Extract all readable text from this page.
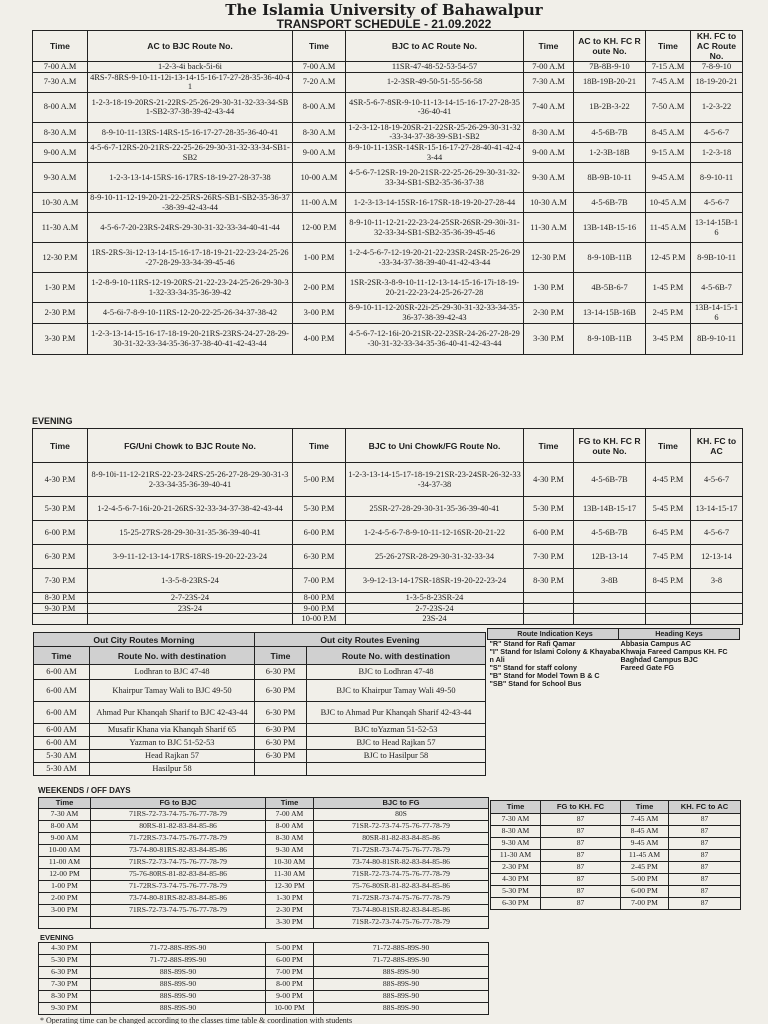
The Islamia University of Bahawalpur
TRANSPORT SCHEDULE - 21.09.2022
Time	AC to BJC Route No.	Time	BJC to AC Route No.	Time	AC to KH. FC Route No.	Time	KH. FC to AC Route No.
7-00 A.M	1-2-3-4i back-5i-6i	7-00 A.M	11SR-47-48-52-53-54-57	7-00 A.M	7B-8B-9-10	7-15 A.M	7-8-9-10
7-30 A.M	4RS-7-8RS-9-10-11-12i-13-14-15-16-17-27-28-35-36-40-41	7-20 A.M	1-2-3SR-49-50-51-55-56-58	7-30 A.M	18B-19B-20-21	7-45 A.M	18-19-20-21
8-00 A.M	1-2-3-18-19-20RS-21-22RS-25-26-29-30-31-32-33-34-SB1-SB2-37-38-39-42-43-44	8-00 A.M	4SR-5-6-7-8SR-9-10-11-13-14-15-16-17-27-28-35-36-40-41	7-40 A.M	1B-2B-3-22	7-50 A.M	1-2-3-22
8-30 A.M	8-9-10-11-13RS-14RS-15-16-17-27-28-35-36-40-41	8-30 A.M	1-2-3-12-18-19-20SR-21-22SR-25-26-29-30-31-32-33-34-37-38-39-SB1-SB2	8-30 A.M	4-5-6B-7B	8-45 A.M	4-5-6-7
9-00 A.M	4-5-6-7-12RS-20-21RS-22-25-26-29-30-31-32-33-34-SB1-SB2	9-00 A.M	8-9-10-11-13SR-14SR-15-16-17-27-28-40-41-42-43-44	9-00 A.M	1-2-3B-18B	9-15 A.M	1-2-3-18
9-30 A.M	1-2-3-13-14-15RS-16-17RS-18-19-27-28-37-38	10-00 A.M	4-5-6-7-12SR-19-20-21SR-22-25-26-29-30-31-32-33-34-SB1-SB2-35-36-37-38	9-30 A.M	8B-9B-10-11	9-45 A.M	8-9-10-11
10-30 A.M	8-9-10-11-12-19-20-21-22-25RS-26RS-SB1-SB2-35-36-37-38-39-42-43-44	11-00 A.M	1-2-3-13-14-15SR-16-17SR-18-19-20-27-28-44	10-30 A.M	4-5-6B-7B	10-45 A.M	4-5-6-7
11-30 A.M	4-5-6-7-20-23RS-24RS-29-30-31-32-33-34-40-41-44	12-00 P.M	8-9-10-11-12-21-22-23-24-25SR-26SR-29-30i-31-32-33-34-SB1-SB2-35-36-39-45-46	11-30 A.M	13B-14B-15-16	11-45 A.M	13-14-15B-16
12-30 P.M	1RS-2RS-3i-12-13-14-15-16-17-18-19-21-22-23-24-25-26-27-28-29-33-34-39-45-46	1-00 P.M	1-2-4-5-6-7-12-19-20-21-22-23SR-24SR-25-26-29-33-34-37-38-39-40-41-42-43-44	12-30 P.M	8-9-10B-11B	12-45 P.M	8-9B-10-11
1-30 P.M	1-2-8-9-10-11RS-12-19-20RS-21-22-23-24-25-26-29-30-31-32-33-34-35-36-39-42	2-00 P.M	1SR-2SR-3-8-9-10-11-12-13-14-15-16-17i-18-19-20-21-22-23-24-25-26-27-28	1-30 P.M	4B-5B-6-7	1-45 P.M	4-5-6B-7
2-30 P.M	4-5-6i-7-8-9-10-11RS-12-20-22-25-26-34-37-38-42	3-00 P.M	8-9-10-11-12-20SR-22i-25-29-30-31-32-33-34-35-36-37-38-39-42-43	2-30 P.M	13-14-15B-16B	2-45 P.M	13B-14-15-16
3-30 P.M	1-2-3-13-14-15-16-17-18-19-20-21RS-23RS-24-27-28-29-30-31-32-33-34-35-36-37-38-40-41-42-43-44	4-00 P.M	4-5-6-7-12-16i-20-21SR-22-23SR-24-26-27-28-29-30-31-32-33-34-35-36-40-41-42-43-44	3-30 P.M	8-9-10B-11B	3-45 P.M	8B-9-10-11
EVENING
Time	FG/Uni Chowk to BJC Route No.	Time	BJC to Uni Chowk/FG Route No.	Time	FG to KH. FC Route No.	Time	KH. FC to AC
4-30 P.M	8-9-10i-11-12-21RS-22-23-24RS-25-26-27-28-29-30-31-32-33-34-35-36-39-40-41	5-00 P.M	1-2-3-13-14-15-17-18-19-21SR-23-24SR-26-32-33-34-37-38	4-30 P.M	4-5-6B-7B	4-45 P.M	4-5-6-7
5-30 P.M	1-2-4-5-6-7-16i-20-21-26RS-32-33-34-37-38-42-43-44	5-30 P.M	25SR-27-28-29-30-31-35-36-39-40-41	5-30 P.M	13B-14B-15-17	5-45 P.M	13-14-15-17
6-00 P.M	15-25-27RS-28-29-30-31-35-36-39-40-41	6-00 P.M	1-2-4-5-6-7-8-9-10-11-12-16SR-20-21-22	6-00 P.M	4-5-6B-7B	6-45 P.M	4-5-6-7
6-30 P.M	3-9-11-12-13-14-17RS-18RS-19-20-22-23-24	6-30 P.M	25-26-27SR-28-29-30-31-32-33-34	7-30 P.M	12B-13-14	7-45 P.M	12-13-14
7-30 P.M	1-3-5-8-23RS-24	7-00 P.M	3-9-12-13-14-17SR-18SR-19-20-22-23-24	8-30 P.M	3-8B	8-45 P.M	3-8
8-30 P.M	2-7-23S-24	8-00 P.M	1-3-5-8-23SR-24				
9-30 P.M	23S-24	9-00 P.M	2-7-23S-24				
		10-00 P.M	23S-24				
Out City Routes Morning		Out city Routes Evening	
Time	Route No. with destination	Time	Route No. with destination
6-00 AM	Lodhran to BJC 47-48	6-30 PM	BJC to Lodhran 47-48
6-00 AM	Khairpur Tamay Wali to BJC 49-50	6-30 PM	BJC to Khairpur Tamay Wali 49-50
6-00 AM	Ahmad Pur Khanqah Sharif to BJC 42-43-44	6-30 PM	BJC to Ahmad Pur Khanqah Sharif 42-43-44
6-00 AM	Musafir Khana via Khanqah Sharif 65	6-30 PM	BJC toYazman 51-52-53
6-00 AM	Yazman to BJC 51-52-53	6-30 PM	BJC to Head Rajkan 57
5-30 AM	Head Rajkan 57	6-30 PM	BJC to Hasilpur 58
5-30 AM	Hasilpur 58		
Route Indication Keys
"R" Stand for Rafi Qamar
"I" Stand for Islami Colony & Khayaban Ali
"S" Stand for staff colony
"B" Stand for Model Town B & C
"SB" Stand for School Bus
Heading Keys
Abbasia Campus AC
Khwaja Fareed Campus KH. FC
Baghdad Campus BJC
Fareed Gate FG
WEEKENDS / OFF DAYS
Time	FG to BJC	Time	BJC to FG
7-30 AM	71RS-72-73-74-75-76-77-78-79	7-00 AM	80S
8-00 AM	80RS-81-82-83-84-85-86	8-00 AM	71SR-72-73-74-75-76-77-78-79
9-00 AM	71-72RS-73-74-75-76-77-78-79	8-30 AM	80SR-81-82-83-84-85-86
10-00 AM	73-74-80-81RS-82-83-84-85-86	9-30 AM	71-72SR-73-74-75-76-77-78-79
11-00 AM	71RS-72-73-74-75-76-77-78-79	10-30 AM	73-74-80-81SR-82-83-84-85-86
12-00 PM	75-76-80RS-81-82-83-84-85-86	11-30 AM	71SR-72-73-74-75-76-77-78-79
1-00 PM	71-72RS-73-74-75-76-77-78-79	12-30 PM	75-76-80SR-81-82-83-84-85-86
2-00 PM	73-74-80-81RS-82-83-84-85-86	1-30 PM	71-72SR-73-74-75-76-77-78-79
3-00 PM	71RS-72-73-74-75-76-77-78-79	2-30 PM	73-74-80-81SR-82-83-84-85-86
		3-30 PM	71SR-72-73-74-75-76-77-78-79
Time	FG to KH. FC	Time	KH. FC to AC
7-30 AM	87	7-45 AM	87
8-30 AM	87	8-45 AM	87
9-30 AM	87	9-45 AM	87
11-30 AM	87	11-45 AM	87
2-30 PM	87	2-45 PM	87
4-30 PM	87	5-00 PM	87
5-30 PM	87	6-00 PM	87
6-30 PM	87	7-00 PM	87
EVENING
4-30 PM	71-72-88S-89S-90	5-00 PM	71-72-88S-89S-90
5-30 PM	71-72-88S-89S-90	6-00 PM	71-72-88S-89S-90
6-30 PM	88S-89S-90	7-00 PM	88S-89S-90
7-30 PM	88S-89S-90	8-00 PM	88S-89S-90
8-30 PM	88S-89S-90	9-00 PM	88S-89S-90
9-30 PM	88S-89S-90	10-00 PM	88S-89S-90
* Operating time can be changed according to the classes time table & coordination with students
